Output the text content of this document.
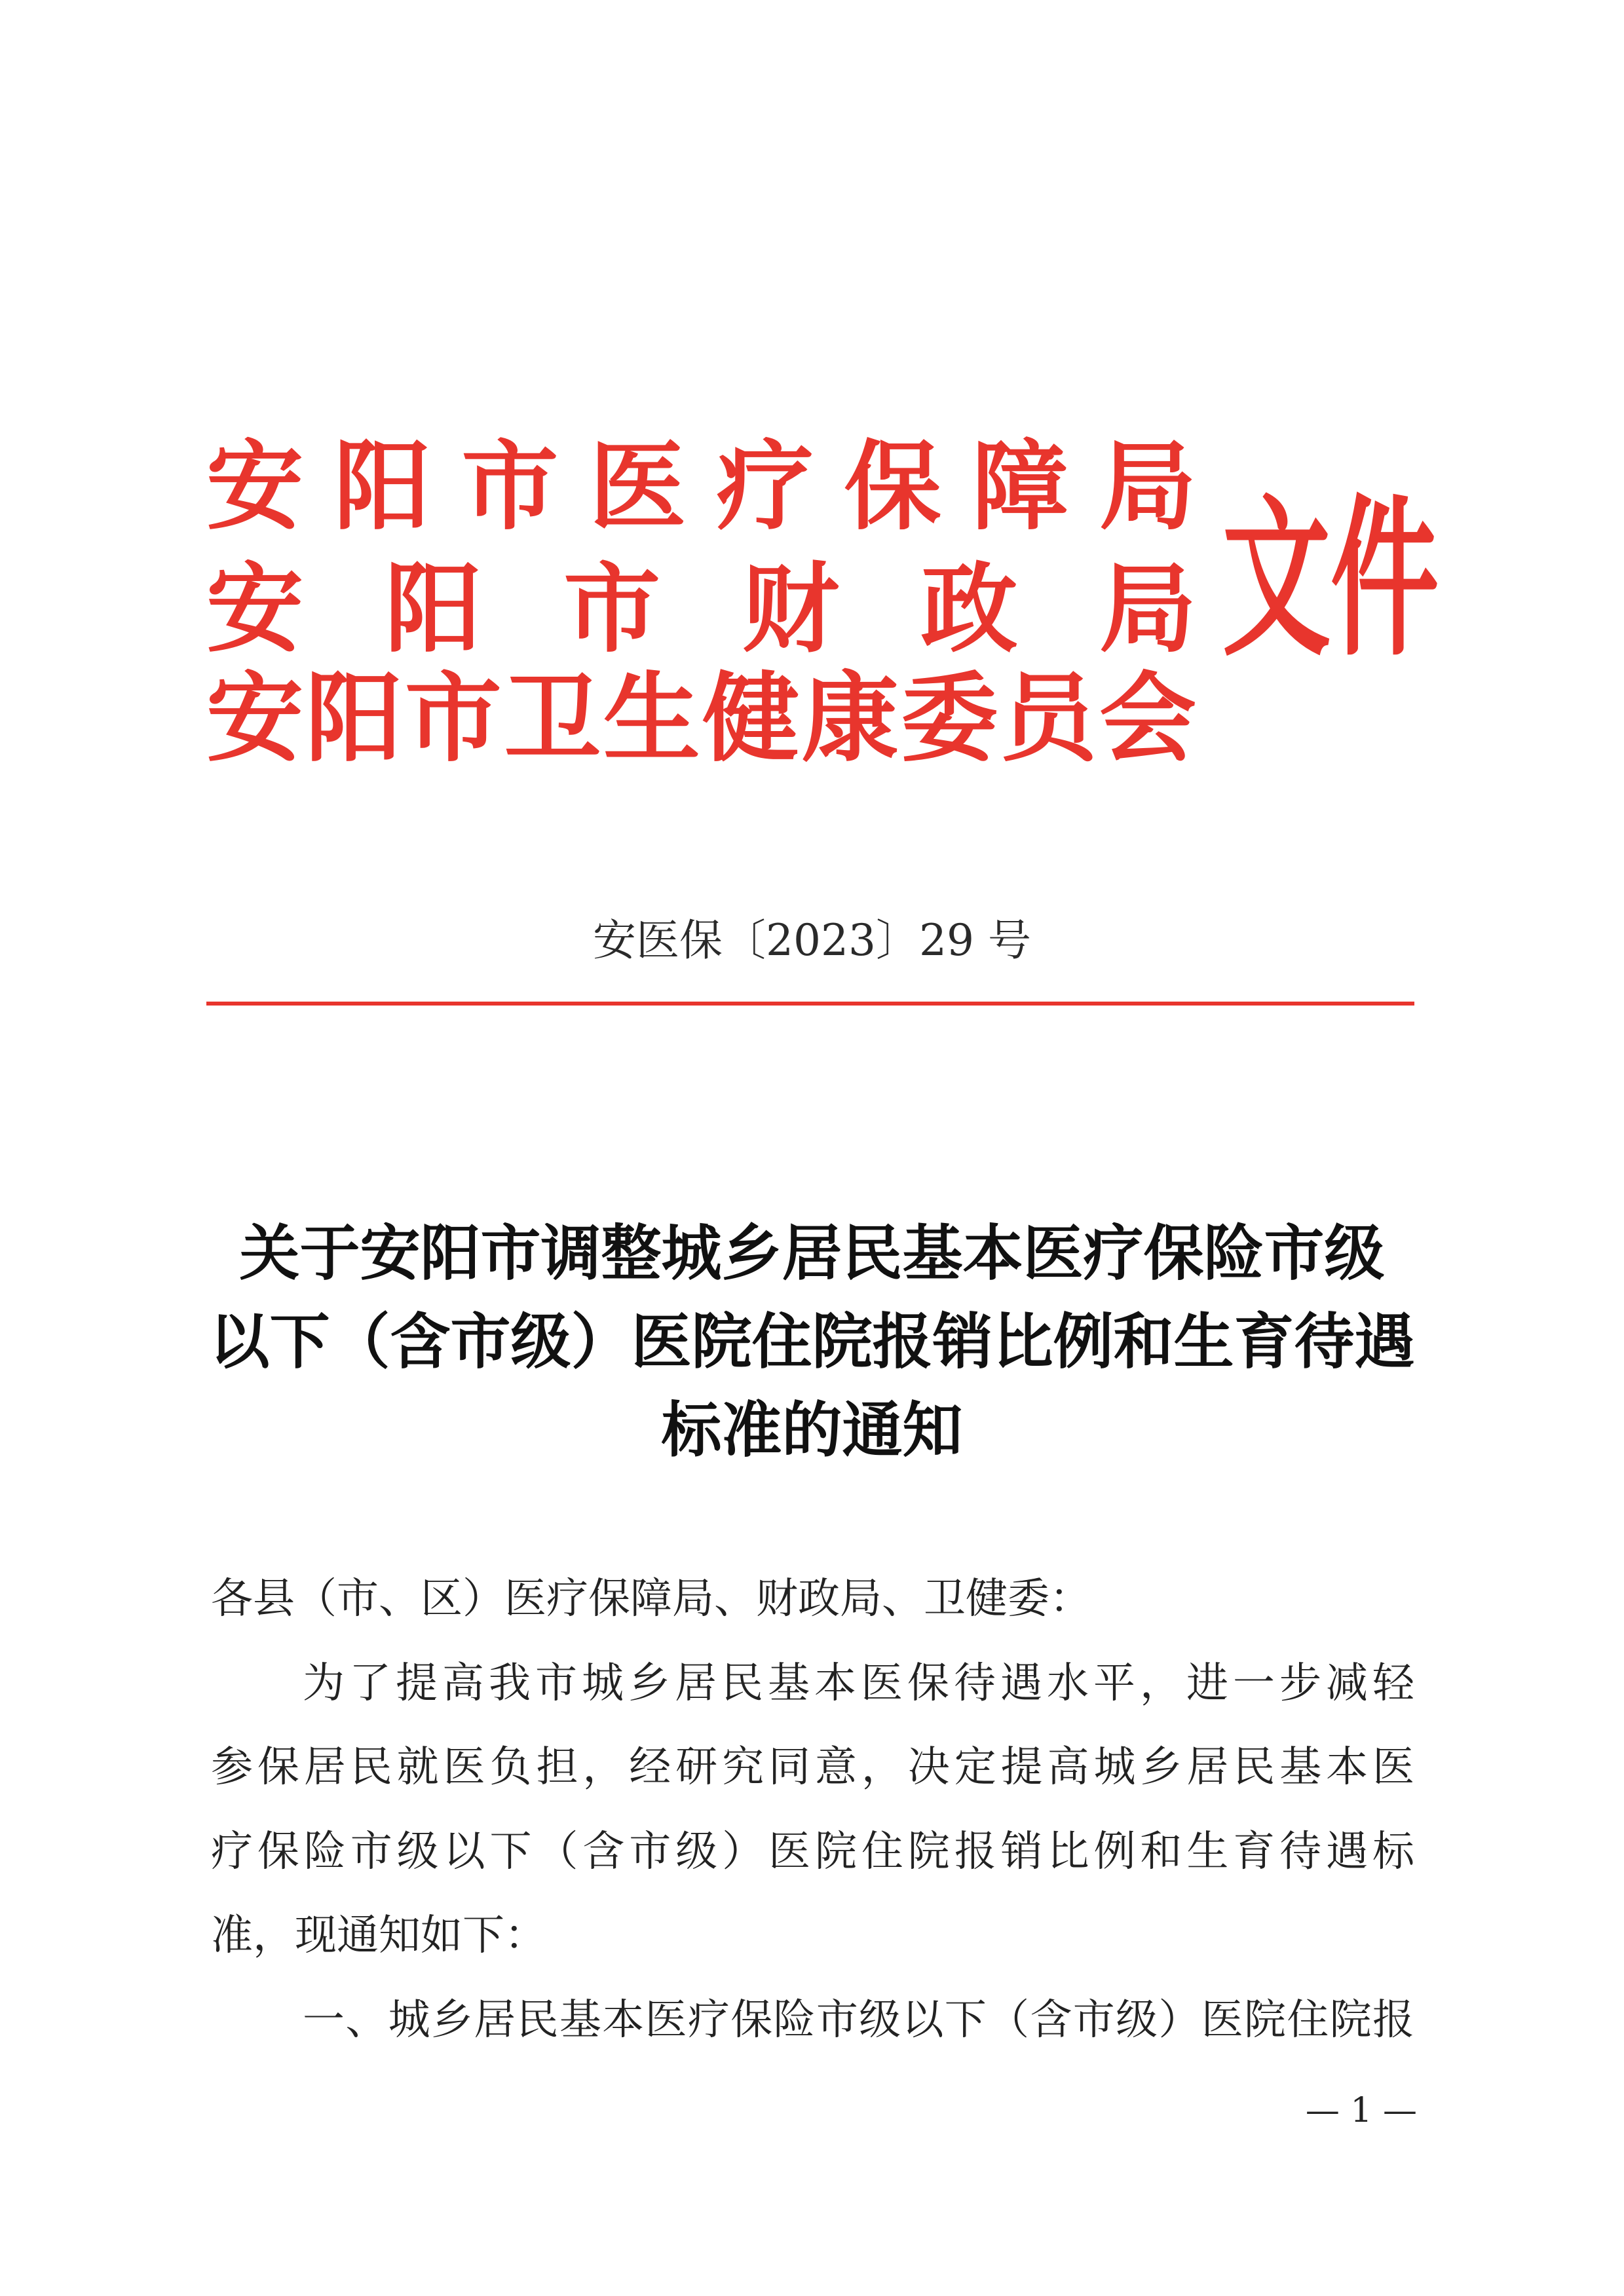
安阳市医疗保障局
安阳市财政局
安阳市卫生健康委员会
文件
安医保〔2023〕29 号
关于安阳市调整城乡居民基本医疗保险市级
以下（含市级）医院住院报销比例和生育待遇
标准的通知
各县（市、区）医疗保障局、财政局、卫健委：
为了提高我市城乡居民基本医保待遇水平，进一步减轻
参保居民就医负担，经研究同意，决定提高城乡居民基本医
疗保险市级以下（含市级）医院住院报销比例和生育待遇标
准，现通知如下：
一、城乡居民基本医疗保险市级以下（含市级）医院住院报
— 1 —
